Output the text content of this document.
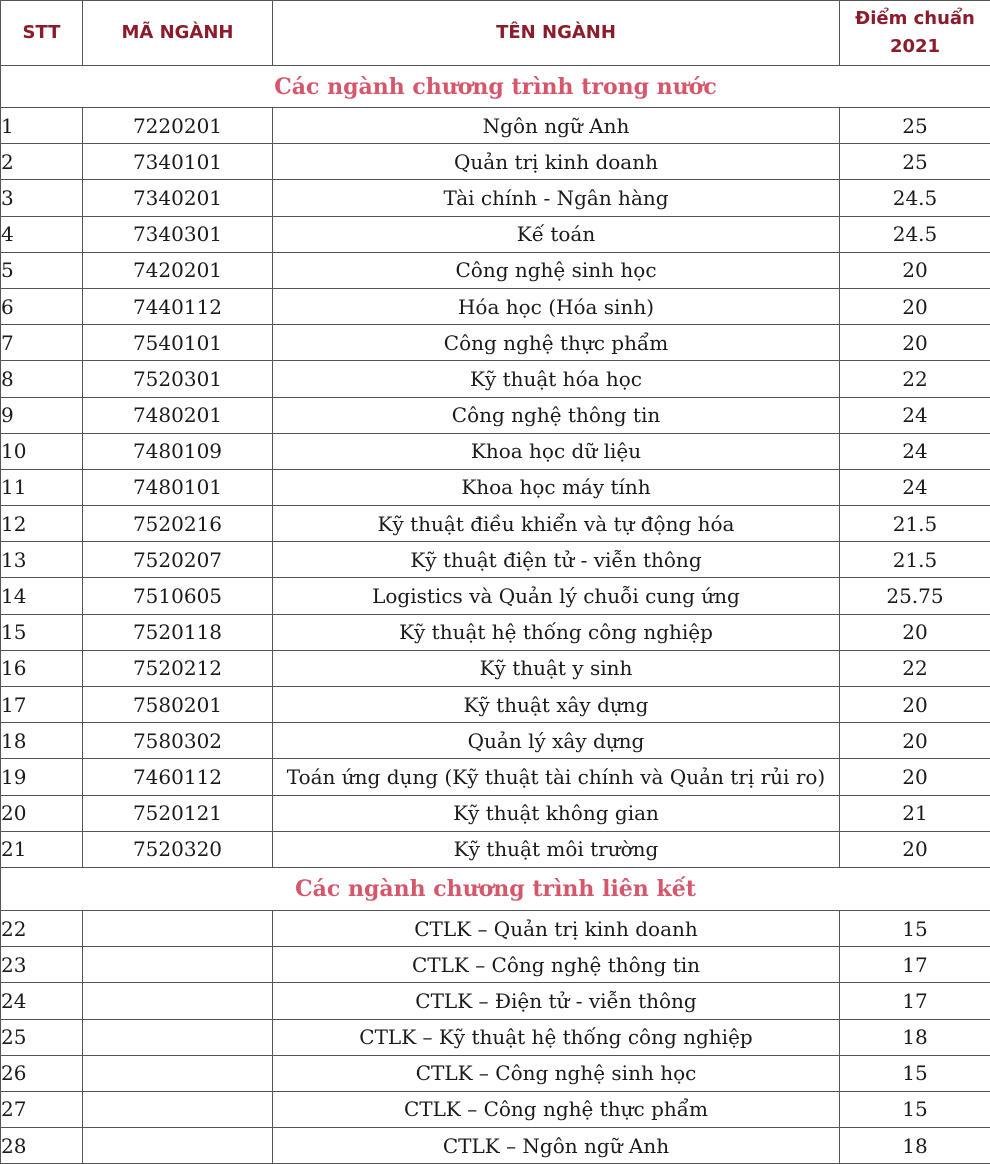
STT	MÃ NGÀNH	TÊN NGÀNH	Điểm chuẩn
2021
Các ngành chương trình trong nước			
1	7220201	Ngôn ngữ Anh	25
2	7340101	Quản trị kinh doanh	25
3	7340201	Tài chính - Ngân hàng	24.5
4	7340301	Kế toán	24.5
5	7420201	Công nghệ sinh học	20
6	7440112	Hóa học (Hóa sinh)	20
7	7540101	Công nghệ thực phẩm	20
8	7520301	Kỹ thuật hóa học	22
9	7480201	Công nghệ thông tin	24
10	7480109	Khoa học dữ liệu	24
11	7480101	Khoa học máy tính	24
12	7520216	Kỹ thuật điều khiển và tự động hóa	21.5
13	7520207	Kỹ thuật điện tử - viễn thông	21.5
14	7510605	Logistics và Quản lý chuỗi cung ứng	25.75
15	7520118	Kỹ thuật hệ thống công nghiệp	20
16	7520212	Kỹ thuật y sinh	22
17	7580201	Kỹ thuật xây dựng	20
18	7580302	Quản lý xây dựng	20
19	7460112	Toán ứng dụng (Kỹ thuật tài chính và Quản trị rủi ro)	20
20	7520121	Kỹ thuật không gian	21
21	7520320	Kỹ thuật môi trường	20
Các ngành chương trình liên kết			
22		CTLK – Quản trị kinh doanh	15
23		CTLK – Công nghệ thông tin	17
24		CTLK – Điện tử - viễn thông	17
25		CTLK – Kỹ thuật hệ thống công nghiệp	18
26		CTLK – Công nghệ sinh học	15
27		CTLK – Công nghệ thực phẩm	15
28		CTLK – Ngôn ngữ Anh	18
